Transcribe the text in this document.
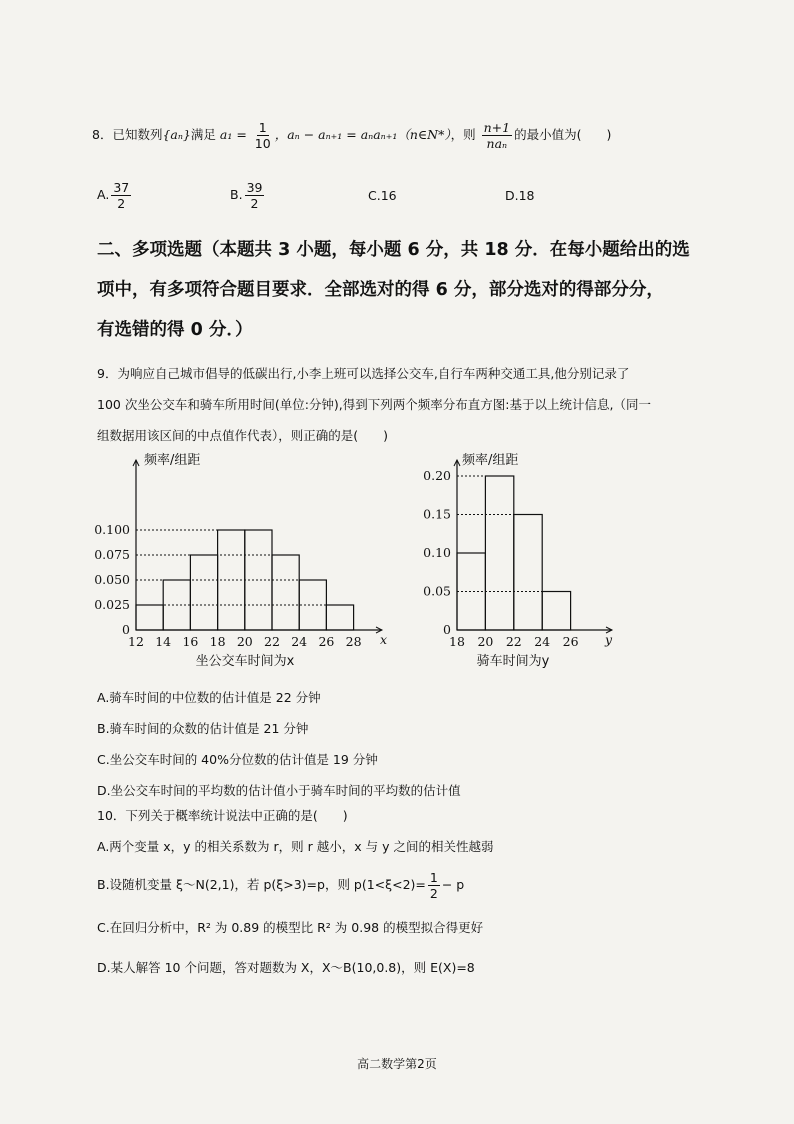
8．已知数列{aₙ}满足 $a_1 = \frac{1}{10}$ ，aₙ − aₙ₊₁ = aₙaₙ₊₁（n∈N*），则 $\frac{n+1}{\text{naₙ}}$ 的最小值为(　　)
A. $\frac{37}{2}$	B. $\frac{39}{2}$	C.16	D.18
二、多项选题（本题共 3 小题，每小题 6 分，共 18 分．在每小题给出的选
项中，有多项符合题目要求．全部选对的得 6 分，部分选对的得部分分，
有选错的得 0 分．）
9．为响应自己城市倡导的低碳出行,小李上班可以选择公交车,自行车两种交通工具,他分别记录了
100 次坐公交车和骑车所用时间(单位:分钟),得到下列两个频率分布直方图:基于以上统计信息,（同一
组数据用该区间的中点值作代表），则正确的是(　　)
频率/组距
0.100
0.075
0.050
0.025
0
12 14 16 18 20 22 24 26 28 x
坐公交车时间为x
频率/组距
0.20
0.15
0.10
0.05
0
18 20 22 24 26 y
骑车时间为y
A.骑车时间的中位数的估计值是 22 分钟
B.骑车时间的众数的估计值是 21 分钟
C.坐公交车时间的 40%分位数的估计值是 19 分钟
D.坐公交车时间的平均数的估计值小于骑车时间的平均数的估计值
10．下列关于概率统计说法中正确的是(　　)
A.两个变量 x，y 的相关系数为 r，则 r 越小，x 与 y 之间的相关性越弱
B.设随机变量 ξ～N(2,1)，若 p(ξ>3)=p，则 $p(1<\xi<2)= \frac{1}{2} - p$
C.在回归分析中，R² 为 0.89 的模型比 R² 为 0.98 的模型拟合得更好
D.某人解答 10 个问题，答对题数为 X，X～B(10,0.8)，则 E(X)=8
高二数学第2页
